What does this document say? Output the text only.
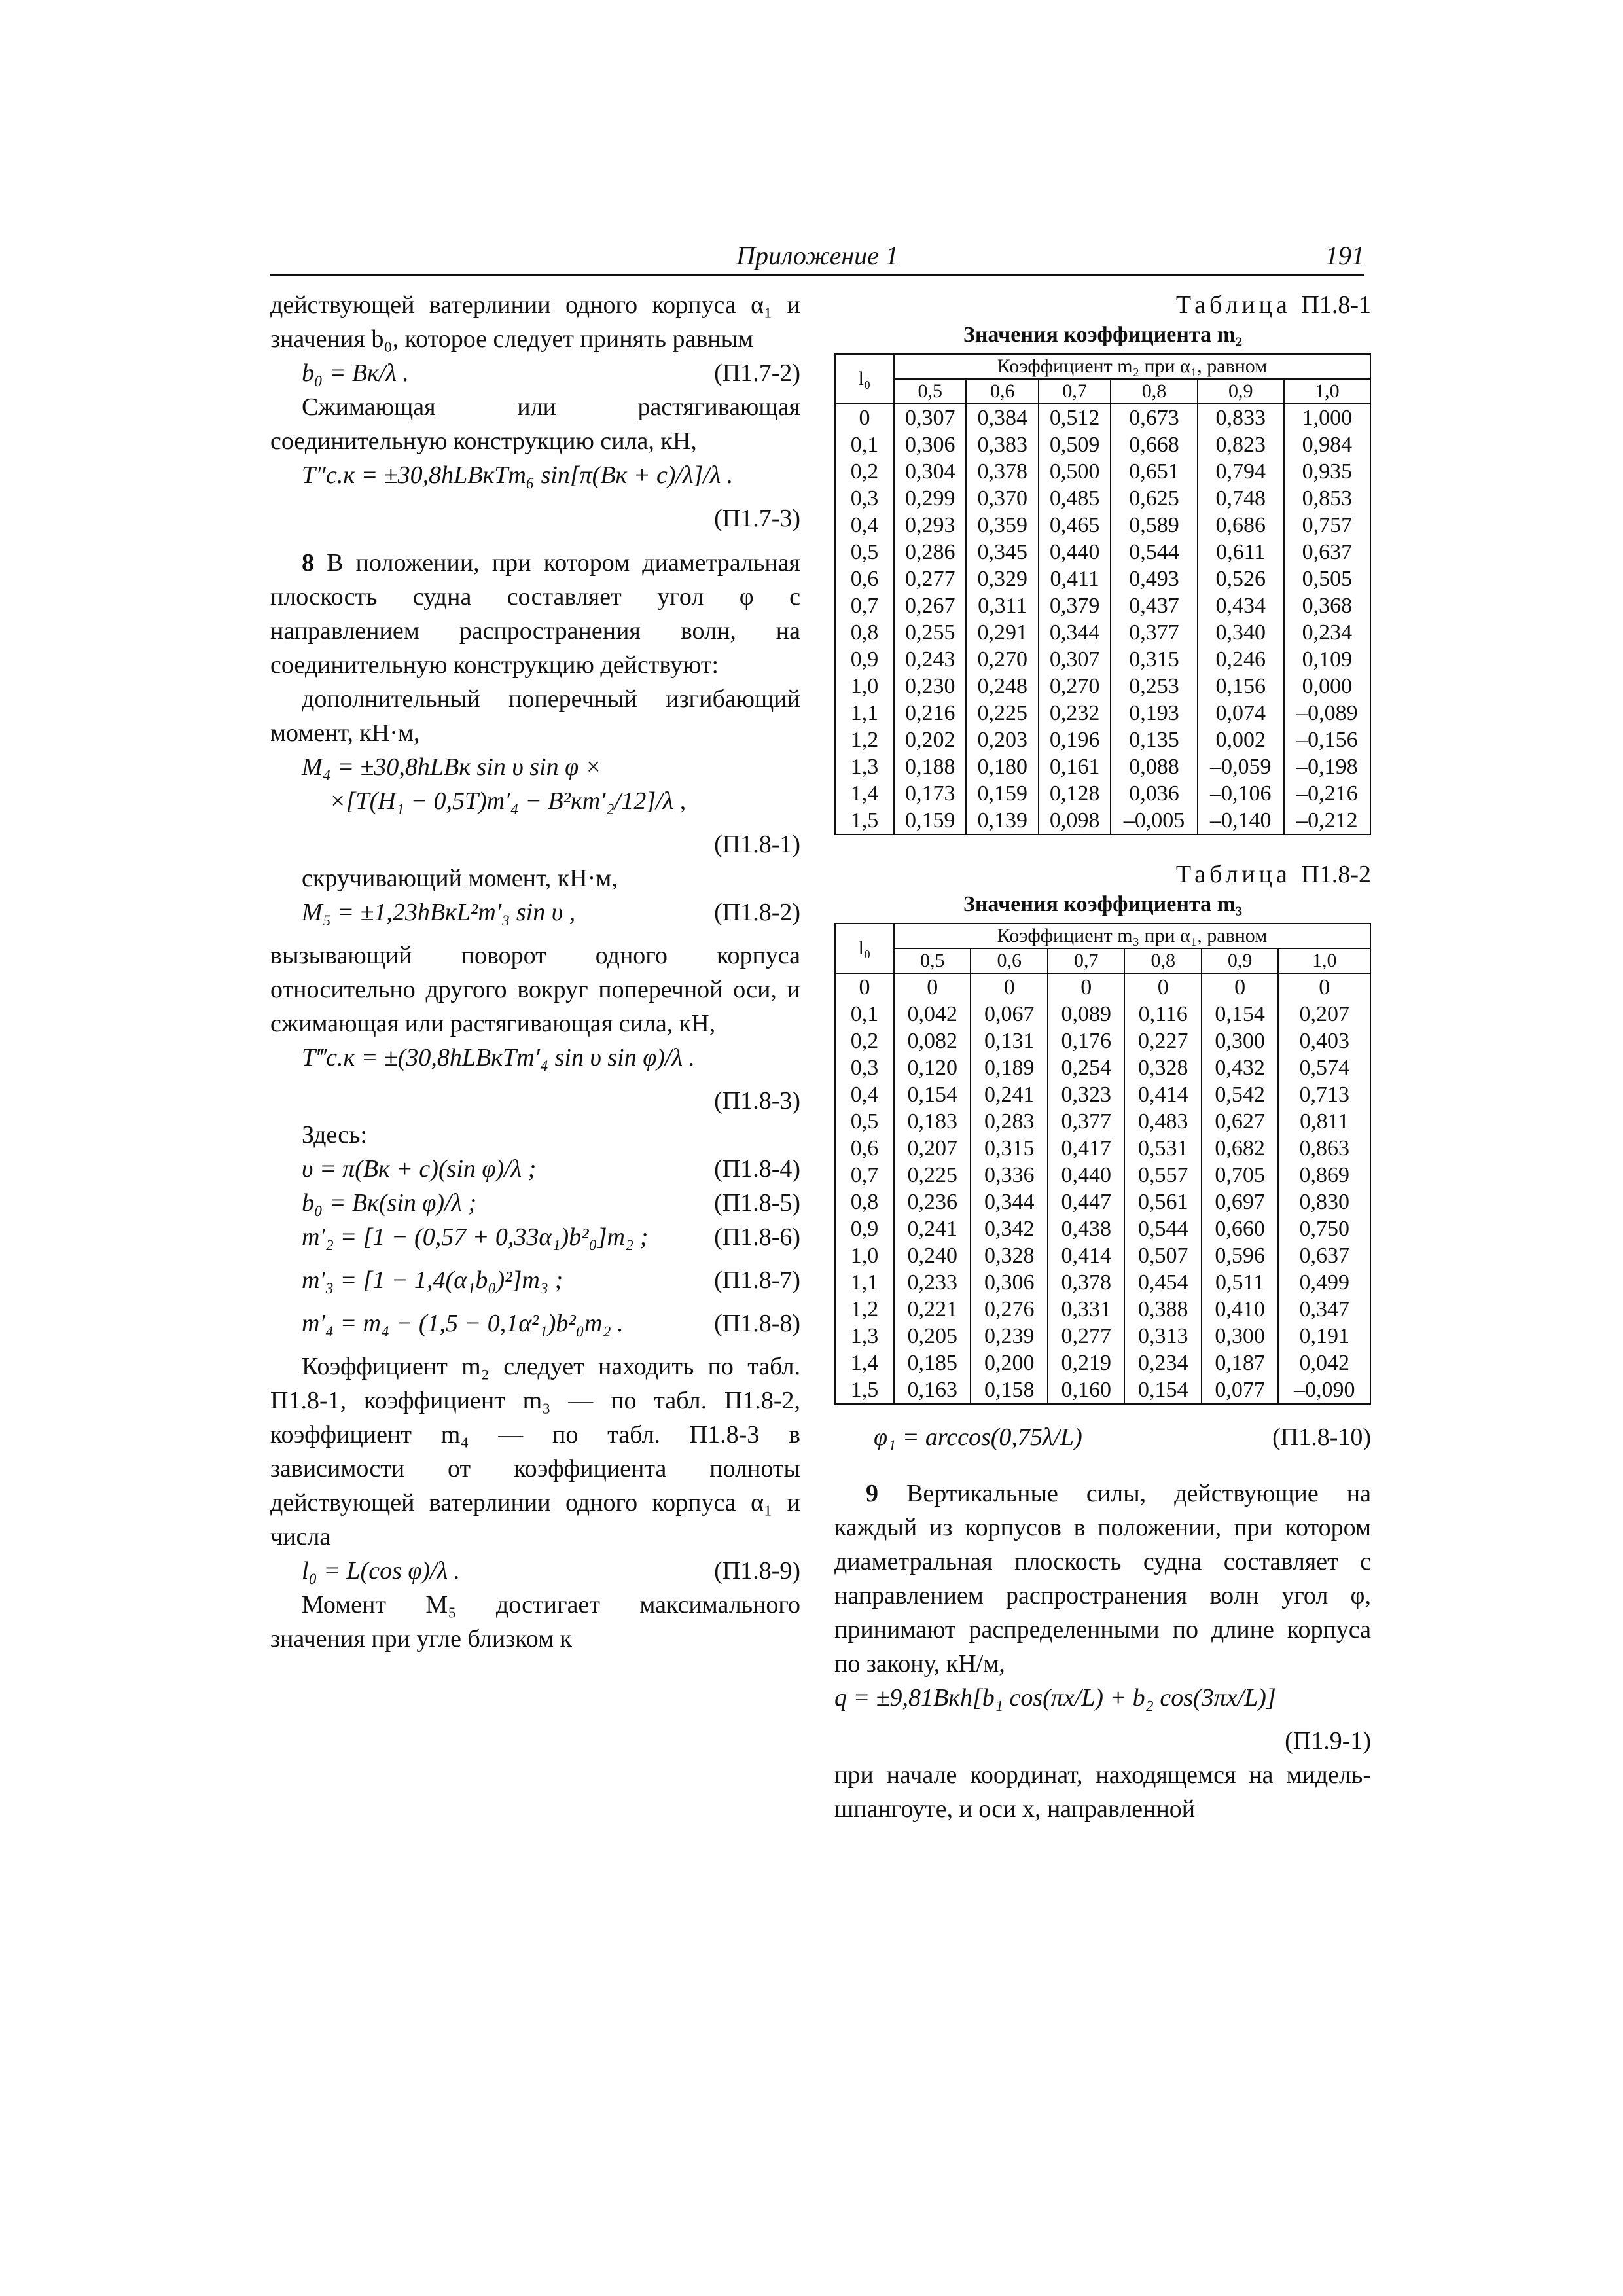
Приложение 1	191

действующей ватерлинии одного корпуса α₁ и значения b₀, которое следует принять равным

b₀ = Bк/λ .	(П1.7-2)

Сжимающая или растягивающая соединительную конструкцию сила, кН,

T″с.к = ±30,8hLBкTm₆ sin[π(Bк + c)/λ]/λ .
(П1.7-3)

8 В положении, при котором диаметральная плоскость судна составляет угол φ с направлением распространения волн, на соединительную конструкцию действуют:

дополнительный поперечный изгибающий момент, кН·м,

M₄ = ±30,8hLBк sin υ sin φ ×
×[T(H₁ − 0,5T)m′₄ − B²кm′₂/12]/λ ,
(П1.8-1)

скручивающий момент, кН·м,

M₅ = ±1,23hBкL²m′₃ sin υ ,	(П1.8-2)

вызывающий поворот одного корпуса относительно другого вокруг поперечной оси, и сжимающая или растягивающая сила, кН,

T‴с.к = ±(30,8hLBкTm′₄ sin υ sin φ)/λ .
(П1.8-3)

Здесь:

υ = π(Bк + c)(sin φ)/λ ;	(П1.8-4)
b₀ = Bк(sin φ)/λ ;	(П1.8-5)
m′₂ = [1 − (0,57 + 0,33α₁)b²₀]m₂ ;	(П1.8-6)
m′₃ = [1 − 1,4(α₁b₀)²]m₃ ;	(П1.8-7)
m′₄ = m₄ − (1,5 − 0,1α²₁)b²₀m₂ .	(П1.8-8)

Коэффициент m₂ следует находить по табл. П1.8-1, коэффициент m₃ — по табл. П1.8-2, коэффициент m₄ — по табл. П1.8-3 в зависимости от коэффициента полноты действующей ватерлинии одного корпуса α₁ и числа

l₀ = L(cos φ)/λ .	(П1.8-9)

Момент M₅ достигает максимального значения при угле близком к

Таблица П1.8-1
Значения коэффициента m₂
l₀	Коэффициент m₂ при α₁, равном					
	0,5	0,6	0,7	0,8	0,9	1,0
0	0,307	0,384	0,512	0,673	0,833	1,000
0,1	0,306	0,383	0,509	0,668	0,823	0,984
0,2	0,304	0,378	0,500	0,651	0,794	0,935
0,3	0,299	0,370	0,485	0,625	0,748	0,853
0,4	0,293	0,359	0,465	0,589	0,686	0,757
0,5	0,286	0,345	0,440	0,544	0,611	0,637
0,6	0,277	0,329	0,411	0,493	0,526	0,505
0,7	0,267	0,311	0,379	0,437	0,434	0,368
0,8	0,255	0,291	0,344	0,377	0,340	0,234
0,9	0,243	0,270	0,307	0,315	0,246	0,109
1,0	0,230	0,248	0,270	0,253	0,156	0,000
1,1	0,216	0,225	0,232	0,193	0,074	–0,089
1,2	0,202	0,203	0,196	0,135	0,002	–0,156
1,3	0,188	0,180	0,161	0,088	–0,059	–0,198
1,4	0,173	0,159	0,128	0,036	–0,106	–0,216
1,5	0,159	0,139	0,098	–0,005	–0,140	–0,212
Таблица П1.8-2
Значения коэффициента m₃
l₀	Коэффициент m₃ при α₁, равном					
	0,5	0,6	0,7	0,8	0,9	1,0
0	0	0	0	0	0	0
0,1	0,042	0,067	0,089	0,116	0,154	0,207
0,2	0,082	0,131	0,176	0,227	0,300	0,403
0,3	0,120	0,189	0,254	0,328	0,432	0,574
0,4	0,154	0,241	0,323	0,414	0,542	0,713
0,5	0,183	0,283	0,377	0,483	0,627	0,811
0,6	0,207	0,315	0,417	0,531	0,682	0,863
0,7	0,225	0,336	0,440	0,557	0,705	0,869
0,8	0,236	0,344	0,447	0,561	0,697	0,830
0,9	0,241	0,342	0,438	0,544	0,660	0,750
1,0	0,240	0,328	0,414	0,507	0,596	0,637
1,1	0,233	0,306	0,378	0,454	0,511	0,499
1,2	0,221	0,276	0,331	0,388	0,410	0,347
1,3	0,205	0,239	0,277	0,313	0,300	0,191
1,4	0,185	0,200	0,219	0,234	0,187	0,042
1,5	0,163	0,158	0,160	0,154	0,077	–0,090
φ₁ = arccos(0,75λ/L)	(П1.8-10)

9 Вертикальные силы, действующие на каждый из корпусов в положении, при котором диаметральная плоскость судна составляет с направлением распространения волн угол φ, принимают распределенными по длине корпуса по закону, кН/м,

q = ±9,81Bкh[b₁ cos(πx/L) + b₂ cos(3πx/L)]
(П1.9-1)

при начале координат, находящемся на мидель-шпангоуте, и оси x, направленной
